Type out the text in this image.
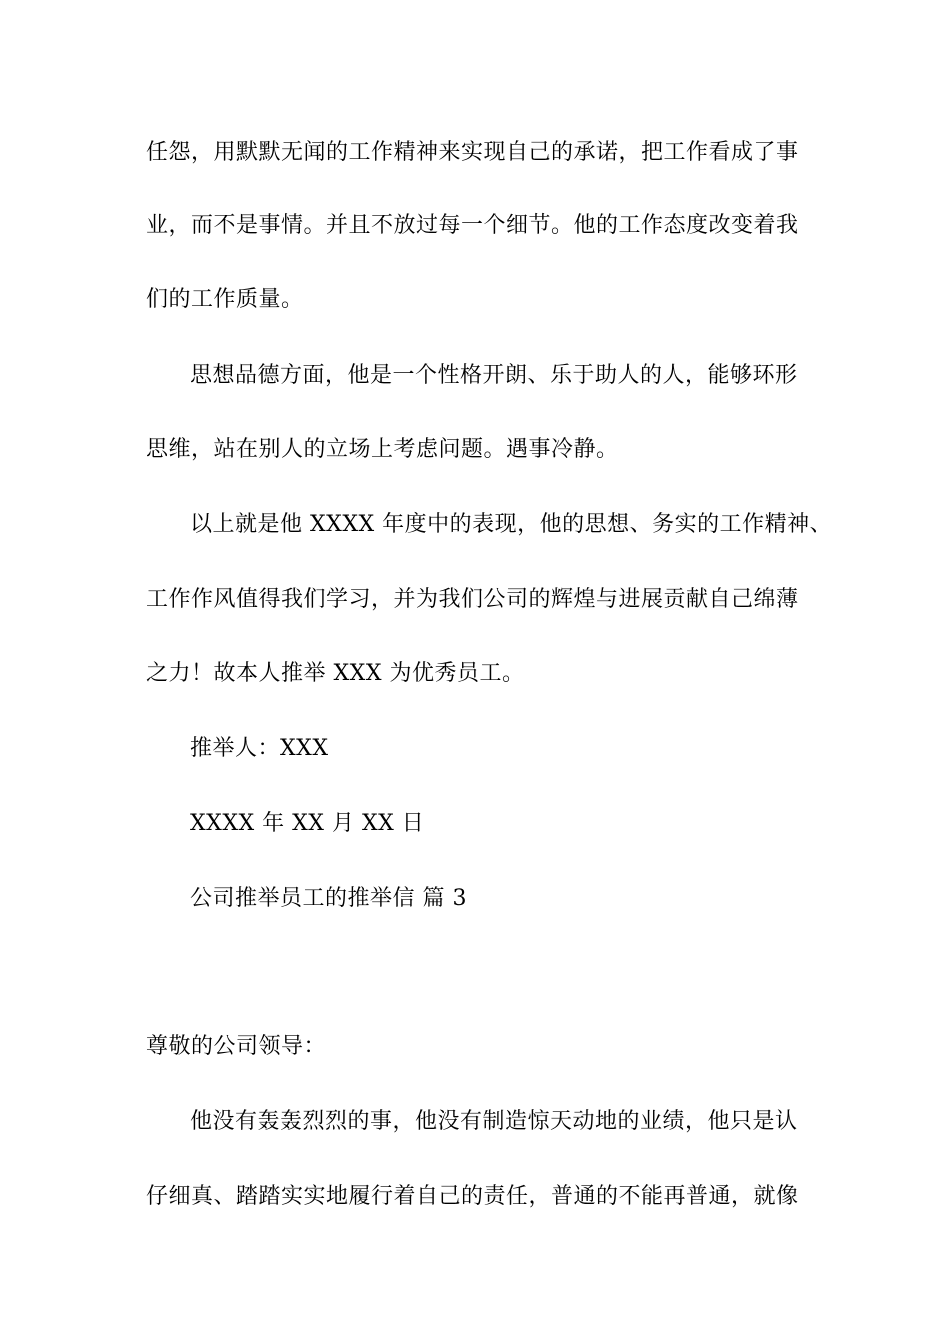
任怨，用默默无闻的工作精神来实现自己的承诺，把工作看成了事
业，而不是事情。并且不放过每一个细节。他的工作态度改变着我
们的工作质量。
思想品德方面，他是一个性格开朗、乐于助人的人，能够环形
思维，站在别人的立场上考虑问题。遇事冷静。
以上就是他 XXXX 年度中的表现，他的思想、务实的工作精神、
工作作风值得我们学习，并为我们公司的辉煌与进展贡献自己绵薄
之力！故本人推举 XXX 为优秀员工。
推举人：XXX
XXXX 年 XX 月 XX 日
公司推举员工的推举信 篇 3
尊敬的公司领导：
他没有轰轰烈烈的事，他没有制造惊天动地的业绩，他只是认
仔细真、踏踏实实地履行着自己的责任，普通的不能再普通，就像
